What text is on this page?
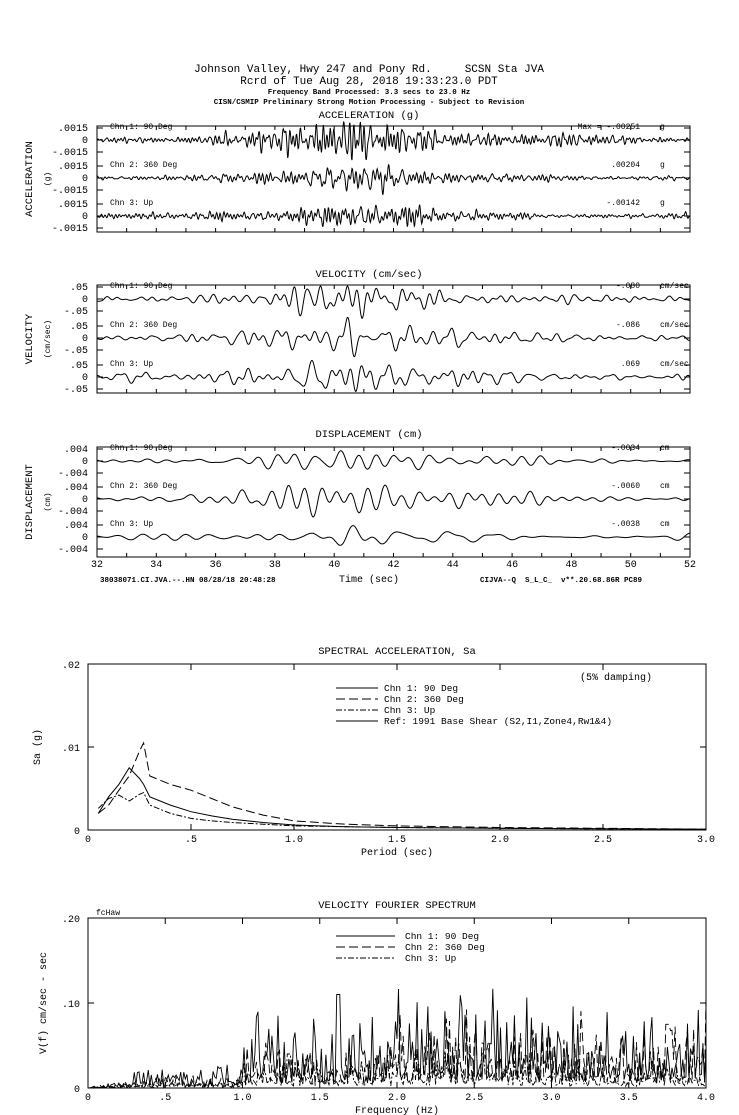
Johnson Valley, Hwy 247 and Pony Rd.     SCSN Sta JVA
Rcrd of Tue Aug 28, 2018 19:33:23.0 PDT
Frequency Band Processed: 3.3 secs to 23.0 Hz
CISN/CSMIP Preliminary Strong Motion Processing - Subject to Revision
38038071.CI.JVA.--.HN 08/28/18 20:48:28	CIJVA--Q  S_L_C_  v**.20.68.86R PC89
ACCELERATION (g)
ACCELERATION (g)
.0015
0
-.0015
Chn 1: 90 Deg	Max = -.00251	g
.0015
0
-.0015
Chn 2: 360 Deg	.00204	g
.0015
0
-.0015
Chn 3: Up	-.00142	g
VELOCITY (cm/sec)
VELOCITY (cm/sec)
.05
0
-.05
Chn 1: 90 Deg	-.080	cm/sec
.05
0
-.05
Chn 2: 360 Deg	-.086	cm/sec
.05
0
-.05
Chn 3: Up	.069	cm/sec
DISPLACEMENT (cm)
DISPLACEMENT (cm)
.004
0
-.004
Chn 1: 90 Deg	-.0034	cm
.004
0
-.004
Chn 2: 360 Deg	-.0060	cm
.004
0
-.004
Chn 3: Up	-.0038	cm
32	34	36	38	40	42	44	46	48	50	52
Time (sec)
SPECTRAL ACCELERATION, Sa
0	.5	1.0	1.5	2.0	2.5	3.0
.02
.01
0
Period (sec)
Sa (g)
(5% damping)
Chn 1: 90 Deg
Chn 2: 360 Deg
Chn 3: Up
Ref: 1991 Base Shear (S2,I1,Zone4,Rw1&4)
VELOCITY FOURIER SPECTRUM
0	.5	1.0	1.5	2.0	2.5	3.0	3.5	4.0
.20
.10
0
Frequency (Hz)
V(f) cm/sec - sec
fcHaw
Chn 1: 90 Deg
Chn 2: 360 Deg
Chn 3: Up
